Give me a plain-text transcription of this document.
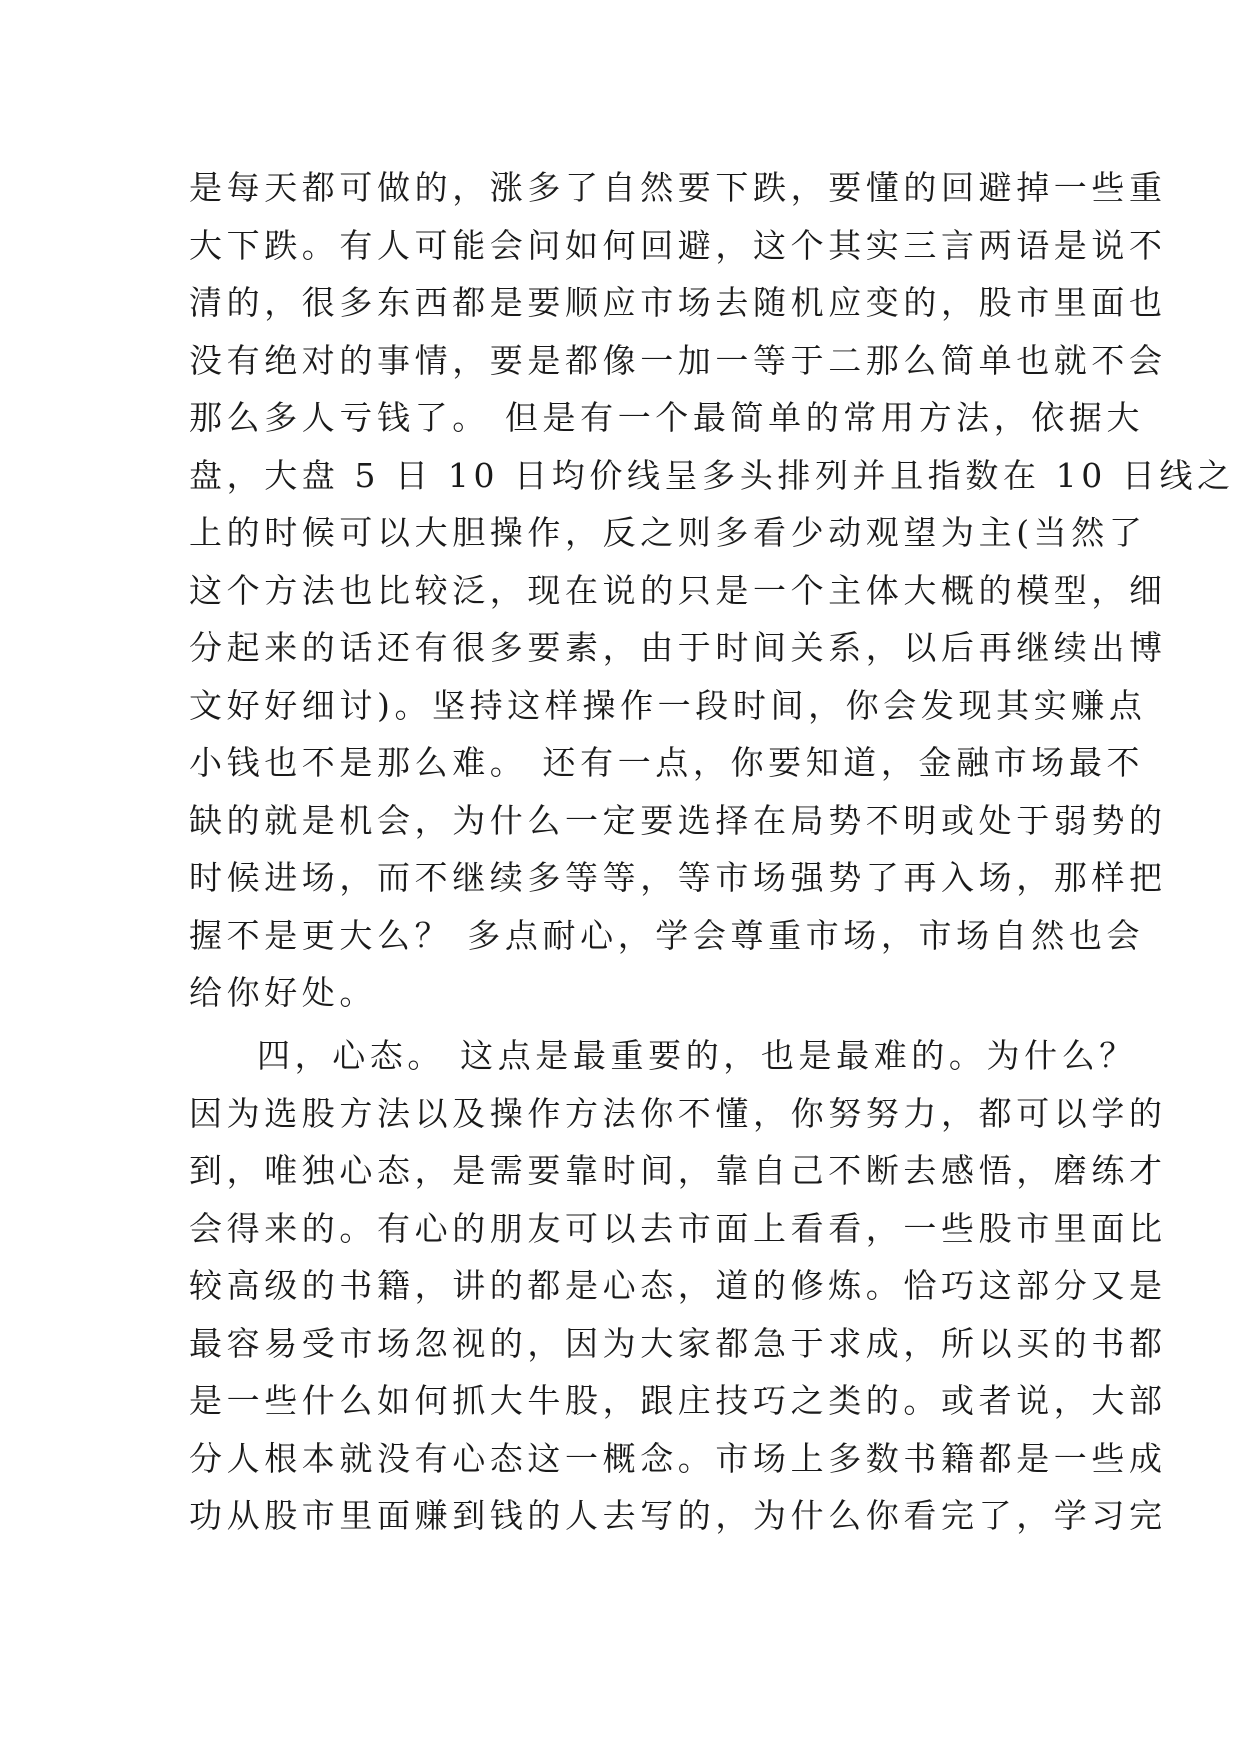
是每天都可做的，涨多了自然要下跌，要懂的回避掉一些重
大下跌。有人可能会问如何回避，这个其实三言两语是说不
清的，很多东西都是要顺应市场去随机应变的，股市里面也
没有绝对的事情，要是都像一加一等于二那么简单也就不会
那么多人亏钱了。 但是有一个最简单的常用方法，依据大
盘，大盘 5 日 10 日均价线呈多头排列并且指数在 10 日线之
上的时候可以大胆操作，反之则多看少动观望为主(当然了
这个方法也比较泛，现在说的只是一个主体大概的模型，细
分起来的话还有很多要素，由于时间关系，以后再继续出博
文好好细讨)。坚持这样操作一段时间，你会发现其实赚点
小钱也不是那么难。 还有一点，你要知道，金融市场最不
缺的就是机会，为什么一定要选择在局势不明或处于弱势的
时候进场，而不继续多等等，等市场强势了再入场，那样把
握不是更大么？ 多点耐心，学会尊重市场，市场自然也会
给你好处。
四，心态。 这点是最重要的，也是最难的。为什么？
因为选股方法以及操作方法你不懂，你努努力，都可以学的
到，唯独心态，是需要靠时间，靠自己不断去感悟，磨练才
会得来的。有心的朋友可以去市面上看看，一些股市里面比
较高级的书籍，讲的都是心态，道的修炼。恰巧这部分又是
最容易受市场忽视的，因为大家都急于求成，所以买的书都
是一些什么如何抓大牛股，跟庄技巧之类的。或者说，大部
分人根本就没有心态这一概念。市场上多数书籍都是一些成
功从股市里面赚到钱的人去写的，为什么你看完了，学习完
